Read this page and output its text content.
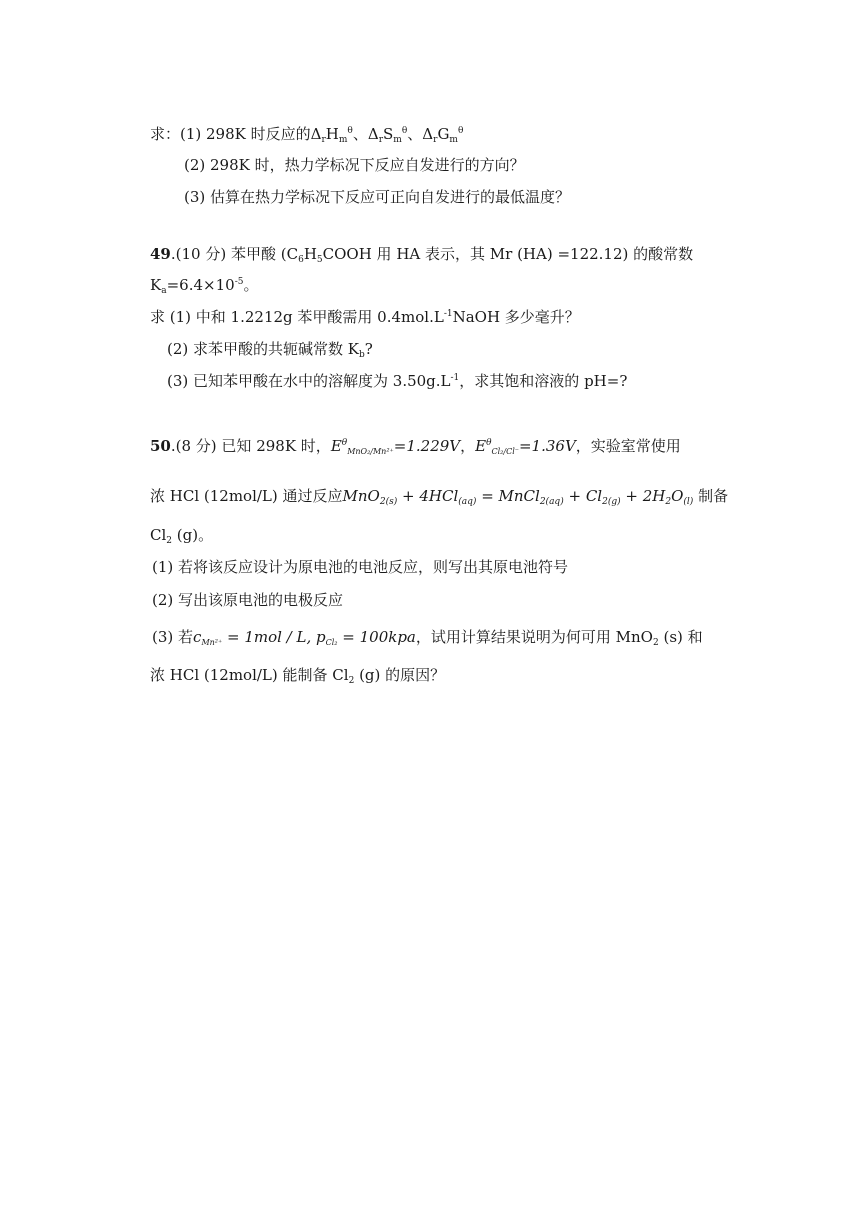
求：(1) 298K 时反应的$\Delta_rH_m^\theta$、$\Delta_rS_m^\theta$、$\Delta_rG_m^\theta$
(2) 298K 时，热力学标况下反应自发进行的方向？
(3) 估算在热力学标况下反应可正向自发进行的最低温度？
49.(10 分) 苯甲酸 ($C_6H_5COOH$ 用 HA 表示，其 Mr (HA) =122.12) 的酸常数
$K_a=6.4\times 10^{-5}$。
求 (1) 中和 1.2212g 苯甲酸需用 $0.4mol.L^{-1}NaOH$ 多少毫升？
(2) 求苯甲酸的共轭碱常数 $K_b$?
(3) 已知苯甲酸在水中的溶解度为 $3.50g.L^{-1}$，求其饱和溶液的 pH=?
50.(8 分) 已知 298K 时，$E^\theta_{MnO_2/Mn^{2+}}=1.229V$，$E^\theta_{Cl_2/Cl^-}=1.36V$，实验室常使用
浓 HCl (12mol/L) 通过反应MnO$_{2(s)}$ + 4HCl$_{(aq)}$ = MnCl$_{2(aq)}$ + $Cl_{2(g)} + 2H_2O_{(l)}$ 制备
$Cl_2$ (g)。
(1) 若将该反应设计为原电池的电池反应，则写出其原电池符号
(2) 写出该原电池的电极反应
(3) 若$c_{Mn^{2+}} = 1mol / L$, $p_{Cl_2} = 100kpa$，试用计算结果说明为何可用 MnO$_2$ (s) 和
浓 HCl (12mol/L) 能制备 $Cl_2$ (g) 的原因？
